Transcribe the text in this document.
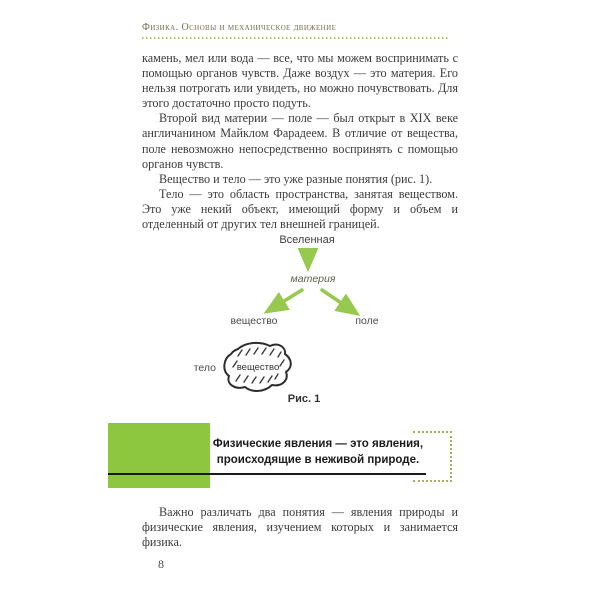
Физика. Основы и механическое движение

камень, мел или вода — все, что мы можем воспринимать с помощью органов чувств. Даже воздух — это материя. Его нельзя потрогать или увидеть, но можно почувствовать. Для этого достаточно просто подуть.

Второй вид материи — поле — был открыт в XIX веке англичанином Майклом Фарадеем. В отличие от вещества, поле невозможно непосредственно воспринять с помощью органов чувств.

Вещество и тело — это уже разные понятия (рис. 1).

Тело — это область пространства, занятая веществом. Это уже некий объект, имеющий форму и объем и отделенный от других тел внешней границей.

Вселенная
материя
вещество	поле
вещество
тело
Рис. 1
Физические явления — это явления,
происходящие в неживой природе.

Важно различать два понятия — явления природы и физические явления, изучением которых и занимается физика.

8
